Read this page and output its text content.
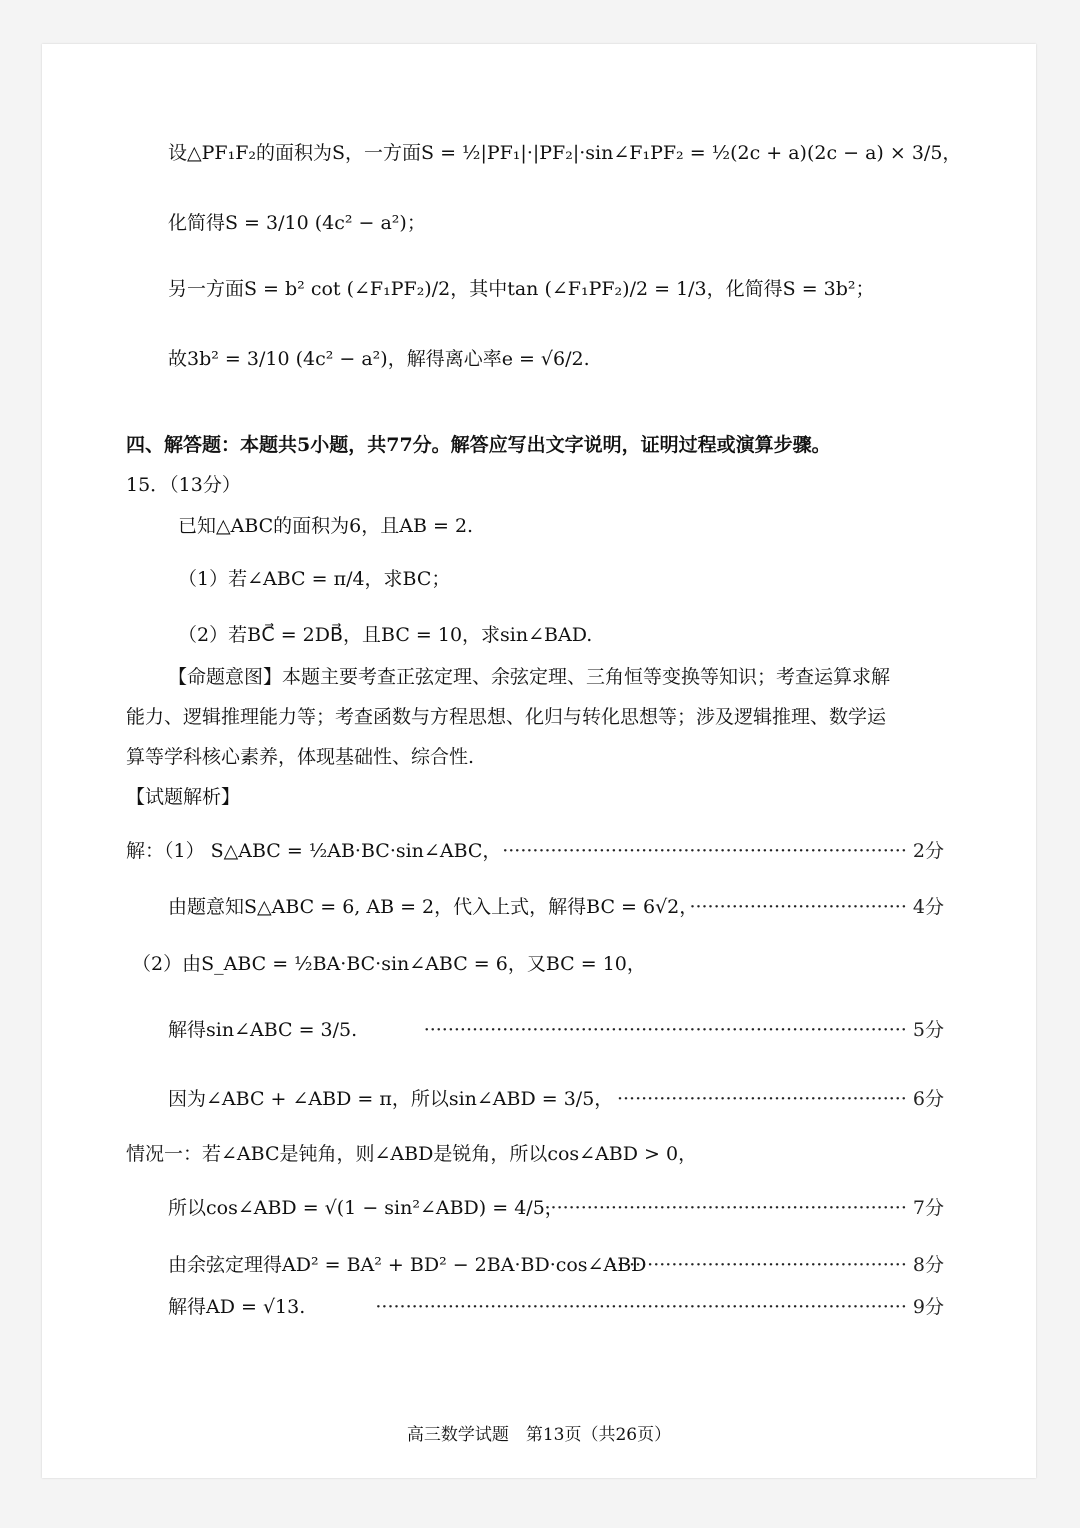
设△PF₁F₂的面积为S，一方面S = ½|PF₁|·|PF₂|·sin∠F₁PF₂ = ½(2c + a)(2c − a) × 3/5，
化简得S = 3/10 (4c² − a²)；
另一方面S = b² cot (∠F₁PF₂)/2，其中tan (∠F₁PF₂)/2 = 1/3，化简得S = 3b²；
故3b² = 3/10 (4c² − a²)，解得离心率e = √6/2.
四、解答题：本题共5小题，共77分。解答应写出文字说明，证明过程或演算步骤。
15．（13分）
已知△ABC的面积为6，且AB = 2.
（1）若∠ABC = π/4，求BC；
（2）若BC⃗ = 2DB⃗，且BC = 10，求sin∠BAD.
【命题意图】本题主要考查正弦定理、余弦定理、三角恒等变换等知识；考查运算求解
能力、逻辑推理能力等；考查函数与方程思想、化归与转化思想等；涉及逻辑推理、数学运
算等学科核心素养，体现基础性、综合性.
【试题解析】
解：（1） S△ABC = ½AB·BC·sin∠ABC， ··································································· 2分
由题意知S△ABC = 6, AB = 2，代入上式，解得BC = 6√2，
···································· 4分
（2）由S_ABC = ½BA·BC·sin∠ABC = 6，又BC = 10，
解得sin∠ABC = 3/5.	················································································ 5分
因为∠ABC + ∠ABD = π，所以sin∠ABD = 3/5， ················································ 6分
情况一：若∠ABC是钝角，则∠ABD是锐角，所以cos∠ABD > 0，
所以cos∠ABD = √(1 − sin²∠ABD) = 4/5，
···························································· 7分
由余弦定理得AD² = BA² + BD² − 2BA·BD·cos∠ABD
················································· 8分
解得AD = √13.	························································································ 9分
高三数学试题　第13页（共26页）
